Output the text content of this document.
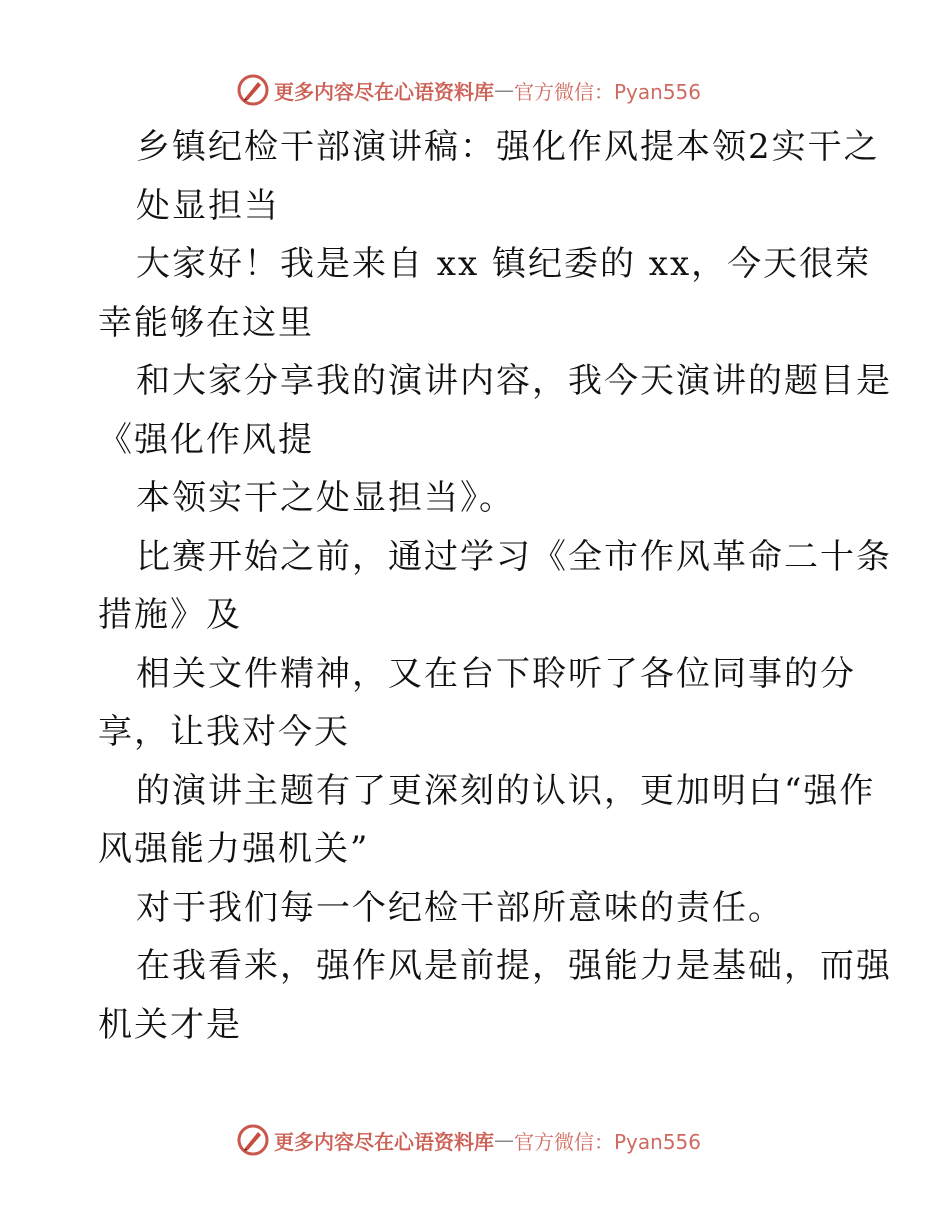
更多内容尽在心语资料库 — 官方微信：Pyan556
乡镇纪检干部演讲稿：强化作风提本领2实干之
处显担当
大家好！我是来自 xx 镇纪委的 xx，今天很荣
幸能够在这里
和大家分享我的演讲内容，我今天演讲的题目是
《强化作风提
本领实干之处显担当》。
比赛开始之前，通过学习《全市作风革命二十条
措施》及
相关文件精神，又在台下聆听了各位同事的分
享，让我对今天
的演讲主题有了更深刻的认识，更加明白“强作
风强能力强机关”
对于我们每一个纪检干部所意味的责任。
在我看来，强作风是前提，强能力是基础，而强
机关才是
更多内容尽在心语资料库 — 官方微信：Pyan556
